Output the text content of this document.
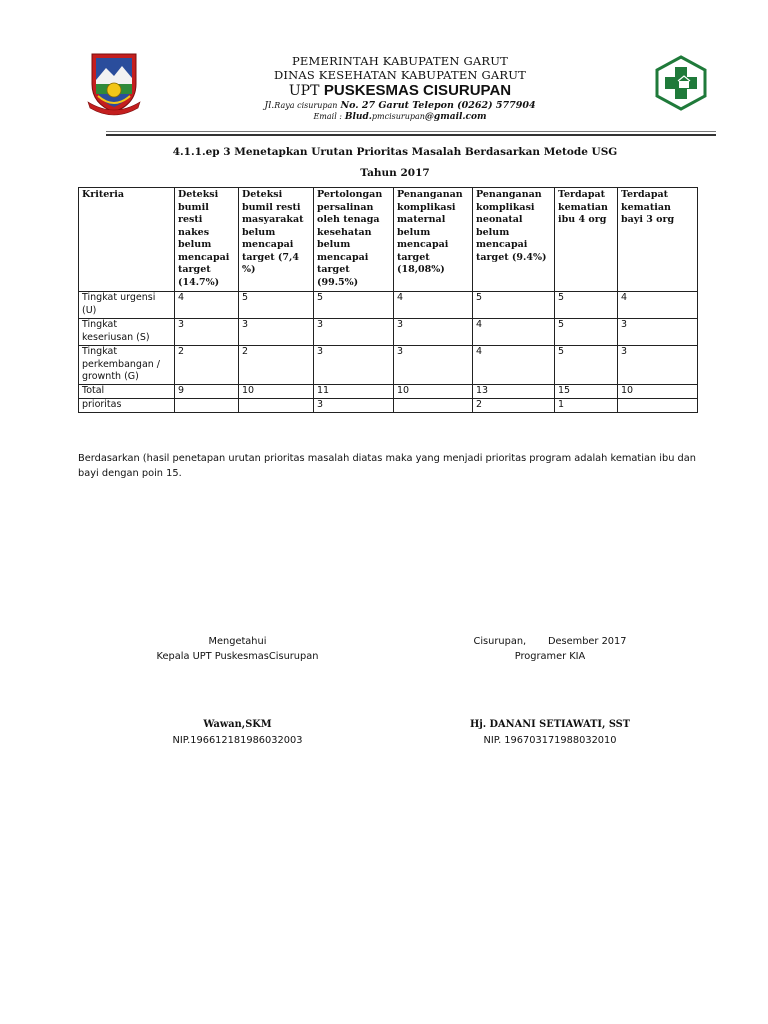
PEMERINTAH KABUPATEN GARUT
DINAS KESEHATAN KABUPATEN GARUT
UPT PUSKESMAS CISURUPAN
Jl.Raya cisurupan No. 27 Garut Telepon (0262) 577904
Email : Blud.pmcisurupan@gmail.com
4.1.1.ep 3 Menetapkan Urutan Prioritas Masalah Berdasarkan Metode USG
Tahun 2017
Kriteria	Deteksi bumil resti nakes belum mencapai target (14.7%)	Deteksi bumil resti masyarakat belum mencapai target (7,4 %)	Pertolongan persalinan oleh tenaga kesehatan belum mencapai target (99.5%)	Penanganan komplikasi maternal belum mencapai target (18,08%)	Penanganan komplikasi neonatal belum mencapai target (9.4%)	Terdapat kematian ibu 4 org	Terdapat kematian bayi 3 org
Tingkat urgensi (U)	4	5	5	4	5	5	4
Tingkat keseriusan (S)	3	3	3	3	4	5	3
Tingkat perkembangan / grownth (G)	2	2	3	3	4	5	3
Total	9	10	11	10	13	15	10
prioritas			3		2	1	
Berdasarkan (hasil penetapan urutan prioritas masalah diatas maka yang menjadi prioritas program adalah kematian ibu dan bayi dengan poin 15.
Mengetahui
Kepala UPT PuskesmasCisurupan
Wawan,SKM
NIP.196612181986032003
Cisurupan,       Desember 2017
Programer KIA
Hj. DANANI SETIAWATI, SST
NIP. 196703171988032010
